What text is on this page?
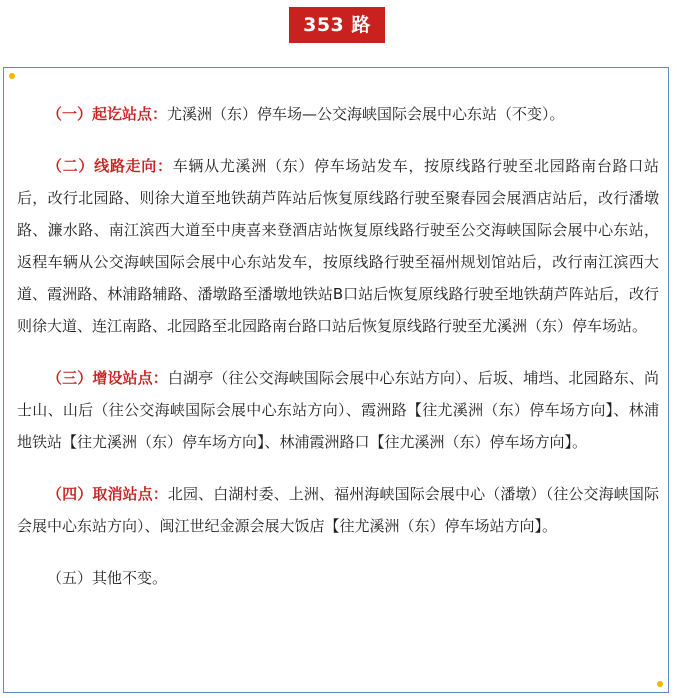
353 路

（一）起讫站点：尤溪洲（东）停车场—公交海峡国际会展中心东站（不变）。

（二）线路走向：车辆从尤溪洲（东）停车场站发车，按原线路行驶至北园路南台路口站后，改行北园路、则徐大道至地铁葫芦阵站后恢复原线路行驶至聚春园会展酒店站后，改行潘墩路、濂水路、南江滨西大道至中庚喜来登酒店站恢复原线路行驶至公交海峡国际会展中心东站，返程车辆从公交海峡国际会展中心东站发车，按原线路行驶至福州规划馆站后，改行南江滨西大道、霞洲路、林浦路辅路、潘墩路至潘墩地铁站B口站后恢复原线路行驶至地铁葫芦阵站后，改行则徐大道、连江南路、北园路至北园路南台路口站后恢复原线路行驶至尤溪洲（东）停车场站。

（三）增设站点：白湖亭（往公交海峡国际会展中心东站方向）、后坂、埔垱、北园路东、尚士山、山后（往公交海峡国际会展中心东站方向）、霞洲路【往尤溪洲（东）停车场方向】、林浦地铁站【往尤溪洲（东）停车场方向】、林浦霞洲路口【往尤溪洲（东）停车场方向】。

（四）取消站点：北园、白湖村委、上洲、福州海峡国际会展中心（潘墩）（往公交海峡国际会展中心东站方向）、闽江世纪金源会展大饭店【往尤溪洲（东）停车场站方向】。

（五）其他不变。
